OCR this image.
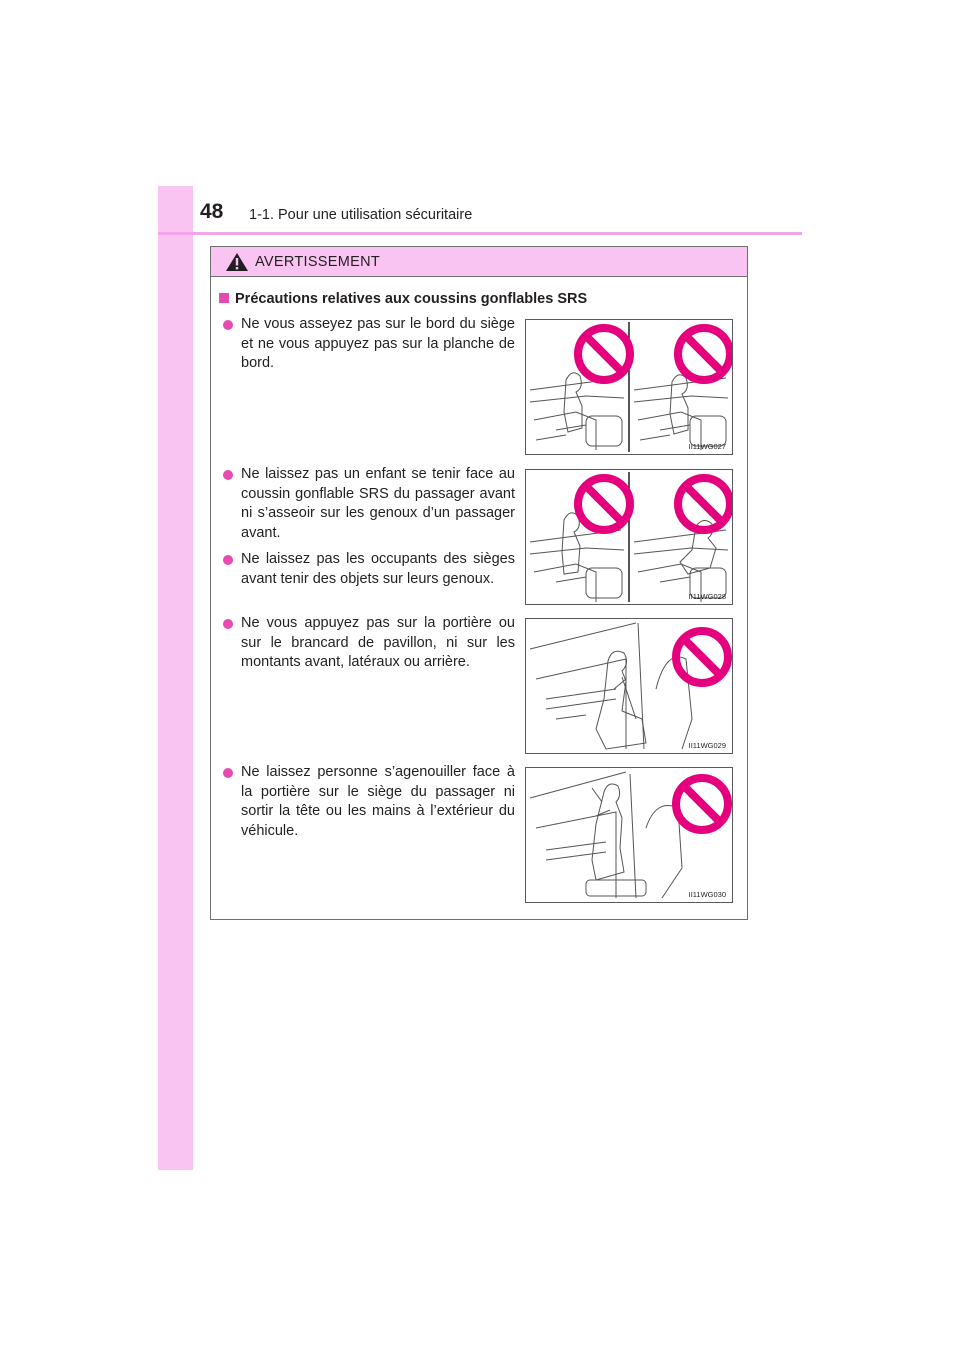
48 1-1. Pour une utilisation sécuritaire
AVERTISSEMENT
Précautions relatives aux coussins gonflables SRS
Ne vous asseyez pas sur le bord du siège et ne vous appuyez pas sur la planche de bord.
II11WG027
Ne laissez pas un enfant se tenir face au coussin gonflable SRS du passager avant ni s’asseoir sur les genoux d’un passager avant.
Ne laissez pas les occupants des sièges avant tenir des objets sur leurs genoux.
II11WG028
Ne vous appuyez pas sur la portière ou sur le brancard de pavillon, ni sur les montants avant, latéraux ou arrière.
II11WG029
Ne laissez personne s’agenouiller face à la portière sur le siège du passager ni sortir la tête ou les mains à l’extérieur du véhicule.
II11WG030
